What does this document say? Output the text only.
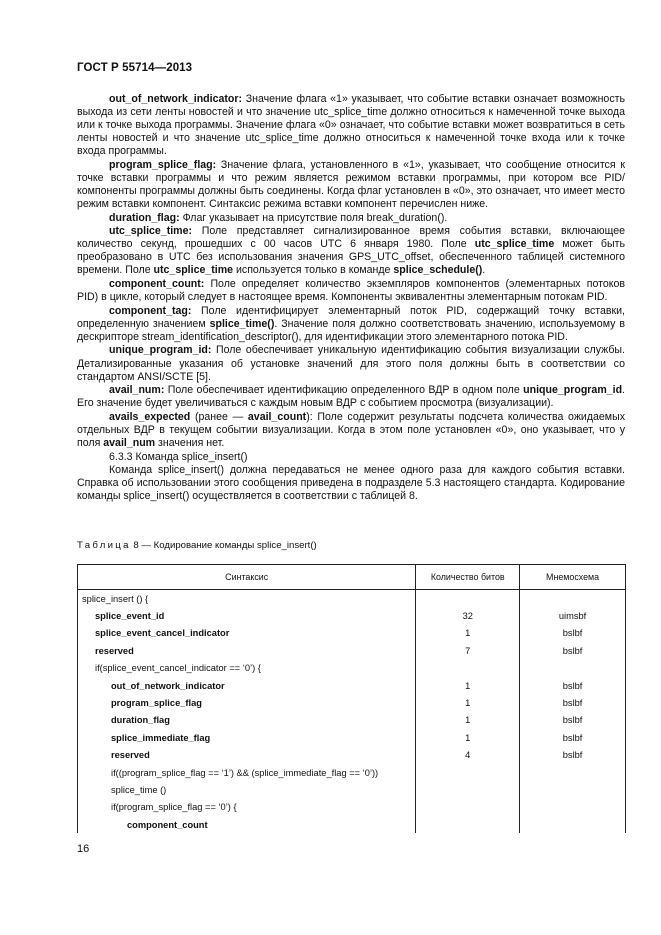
ГОСТ Р 55714—2013

out_of_network_indicator: Значение флага «1» указывает, что событие вставки означает возможность выхода из сети ленты новостей и что значение utc_splice_time должно относиться к намеченной точке выхода или к точке выхода программы. Значение флага «0» означает, что событие вставки может возвратиться в сеть ленты новостей и что значение utc_splice_time должно относиться к намеченной точке входа или к точке входа программы.

program_splice_flag: Значение флага, установленного в «1», указывает, что сообщение относится к точке вставки программы и что режим является режимом вставки программы, при котором все PID/компоненты программы должны быть соединены. Когда флаг установлен в «0», это означает, что имеет место режим вставки компонент. Синтаксис режима вставки компонент перечислен ниже.

duration_flag: Флаг указывает на присутствие поля break_duration().

utc_splice_time: Поле представляет сигнализированное время события вставки, включающее количество секунд, прошедших с 00 часов UTC 6 января 1980. Поле utc_splice_time может быть преобразовано в UTC без использования значения GPS_UTC_offset, обеспеченного таблицей системного времени. Поле utc_splice_time используется только в команде splice_schedule().

component_count: Поле определяет количество экземпляров компонентов (элементарных потоков PID) в цикле, который следует в настоящее время. Компоненты эквивалентны элементарным потокам PID.

component_tag: Поле идентифицирует элементарный поток PID, содержащий точку вставки, определенную значением splice_time(). Значение поля должно соответствовать значению, используемому в дескрипторе stream_identification_descriptor(), для идентификации этого элементарного потока PID.

unique_program_id: Поле обеспечивает уникальную идентификацию события визуализации службы. Детализированные указания об установке значений для этого поля должны быть в соответствии со стандартом ANSI/SCTE [5].

avail_num: Поле обеспечивает идентификацию определенного ВДР в одном поле unique_program_id. Его значение будет увеличиваться с каждым новым ВДР с событием просмотра (визуализации).

avails_expected (ранее — avail_count): Поле содержит результаты подсчета количества ожидаемых отдельных ВДР в текущем событии визуализации. Когда в этом поле установлен «0», оно указывает, что у поля avail_num значения нет.

6.3.3 Команда splice_insert()

Команда splice_insert() должна передаваться не менее одного раза для каждого события вставки. Справка об использовании этого сообщения приведена в подразделе 5.3 настоящего стандарта. Кодирование команды splice_insert() осуществляется в соответствии с таблицей 8.

Таблица 8 — Кодирование команды splice_insert()
Синтаксис	Количество битов	Мнемосхема
splice_insert () {		
splice_event_id	32	uimsbf
splice_event_cancel_indicator	1	bslbf
reserved	7	bslbf
if(splice_event_cancel_indicator == ‘0’) {		
out_of_network_indicator	1	bslbf
program_splice_flag	1	bslbf
duration_flag	1	bslbf
splice_immediate_flag	1	bslbf
reserved	4	bslbf
if((program_splice_flag == ‘1’) && (splice_immediate_flag == ‘0’))		
splice_time ()		
if(program_splice_flag == ‘0’) {		
component_count		
16
